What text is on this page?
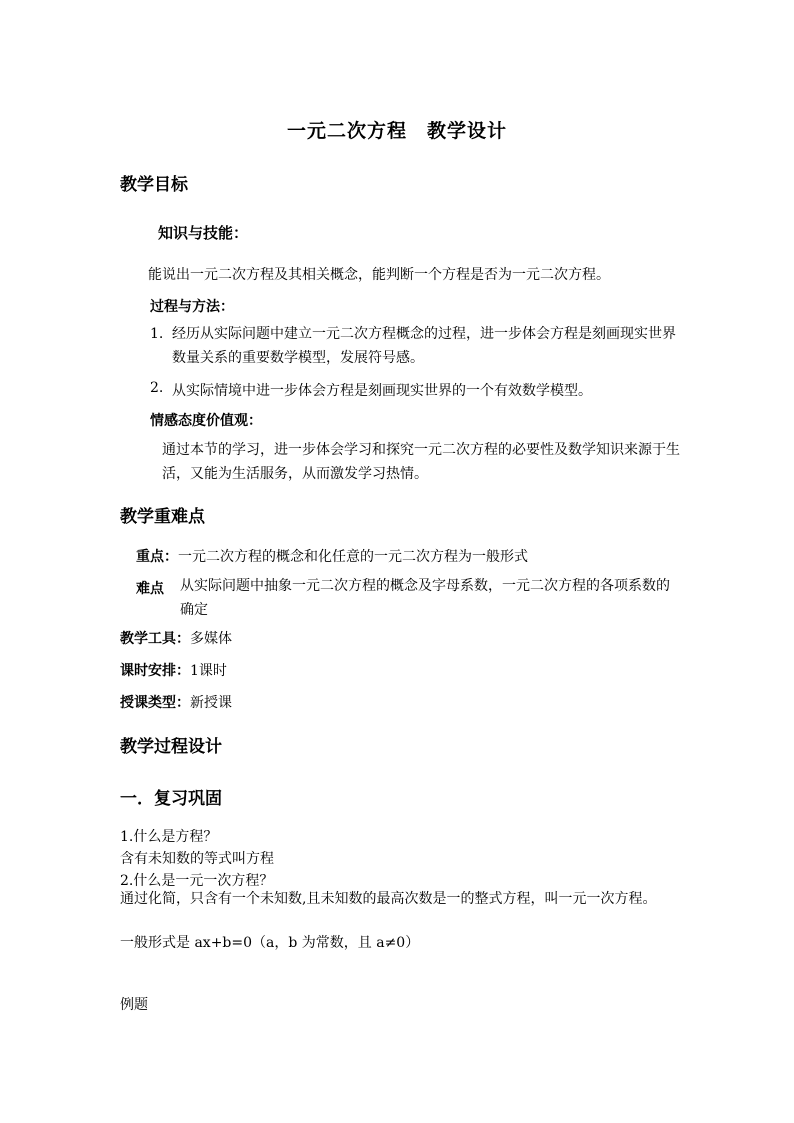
一元二次方程　教学设计
教学目标
知识与技能：
能说出一元二次方程及其相关概念，能判断一个方程是否为一元二次方程。
过程与方法：
1. 经历从实际问题中建立一元二次方程概念的过程，进一步体会方程是刻画现实世界数量关系的重要数学模型，发展符号感。
2. 从实际情境中进一步体会方程是刻画现实世界的一个有效数学模型。
情感态度价值观：
通过本节的学习，进一步体会学习和探究一元二次方程的必要性及数学知识来源于生活，又能为生活服务，从而激发学习热情。
教学重难点
重点：一元二次方程的概念和化任意的一元二次方程为一般形式
难点 从实际问题中抽象一元二次方程的概念及字母系数，一元二次方程的各项系数的确定
教学工具：多媒体
课时安排：1课时
授课类型：新授课
教学过程设计
一．复习巩固
1.什么是方程？
含有未知数的等式叫方程
2.什么是一元一次方程？
通过化简，只含有一个未知数,且未知数的最高次数是一的整式方程，叫一元一次方程。
一般形式是 ax+b=0（a，b 为常数，且 a≠0）
例题
